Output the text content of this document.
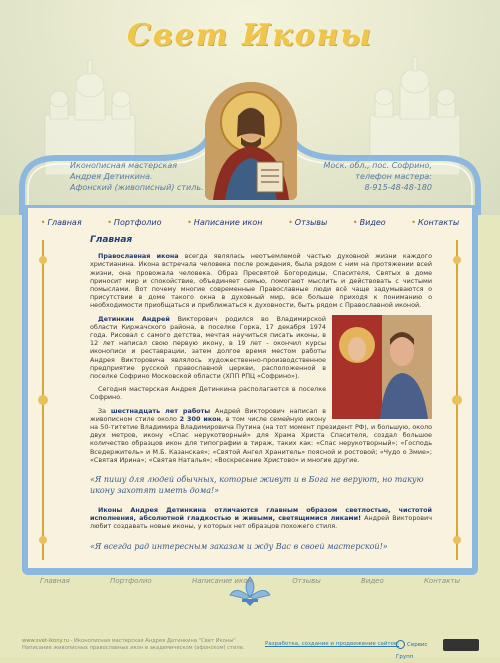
Свет Иконы
Иконописная мастерская
Андрея Детинкина.
Афонский (живописный) стиль.
Моск. обл., пос. Софрино,
телефон мастера:
8-915-48-48-180
• Главная	• Портфолио	• Написание икон	• Отзывы	• Видео	• Контакты
Главная

Православная икона всегда являлась неотъемлемой частью духовной жизни каждого христианина. Икона встречала человека после рождения, была рядом с ним на протяжении всей жизни, она провожала человека. Образ Пресвятой Богородицы, Спасителя, Святых в доме приносит мир и спокойствие, объединяет семью, помогают мыслить и действовать с чистыми помыслами. Вот почему многие современные Православные люди всё чаще задумываются о присутствии в доме такого окна в духовный мир, все больше приходя к пониманию о необходимости приобщаться и приближаться к духовности, быть рядом с Православной иконой.

Детинкин Андрей Викторович родился во Владимирской области Киржачского района, в поселке Горка, 17 декабря 1974 года. Рисовал с самого детства, мечтая научиться писать иконы, в 12 лет написал свою первую икону, в 19 лет - окончил курсы иконописи и реставрации, затем долгое время местом работы Андрея Викторовича являлось художественно-производственное предприятие русской православной церкви, расположенной в поселке Софрино Московской области (ХПП РПЦ «Софрино»).

Сегодня мастерская Андрея Детинкина располагается в поселке Софрино.

За шестнадцать лет работы Андрей Викторович написал в живописном стиле около 2 300 икон, в том числе семейную икону на 50-титетие Владимира Владимировича Путина (на тот момент президент РФ), и большую, около двух метров, икону «Спас нерукотворный» для Храма Христа Спасителя, создал большое количество образцов икон для типографии в тираж, таких как: «Спас нерукотворный»; «Господь Вседержитель» и М.Б. Казанская»; «Святой Ангел Хранитель» поясной и ростовой; «Чудо о Змие»; «Святая Ирина»; «Святая Наталья»; «Воскресение Христово» и многие другие.

«Я пишу для людей обычных, которые живут и в Бога не веруют, но такую икону захотят иметь дома!»

Иконы Андрея Детинкина отличаются главным образом светлостью, чистотой исполнения, абсолютной гладкостью и живыми, светящимися ликами! Андрей Викторович любит создавать новые иконы, у которых нет образцов похожего стиля.

«Я всегда рад интересным заказам и жду Вас в своей мастерской!»
Главная	Портфолио	Написание икон	Отзывы	Видео	Контакты
www.svet-ikony.ru - Иконописная мастерская Андрея Детинкина "Свет Иконы"
Написание живописных православных икон в академическом (афонском) стиле.
Разработка, создание и продвижение сайтов:	Сервис Групп
